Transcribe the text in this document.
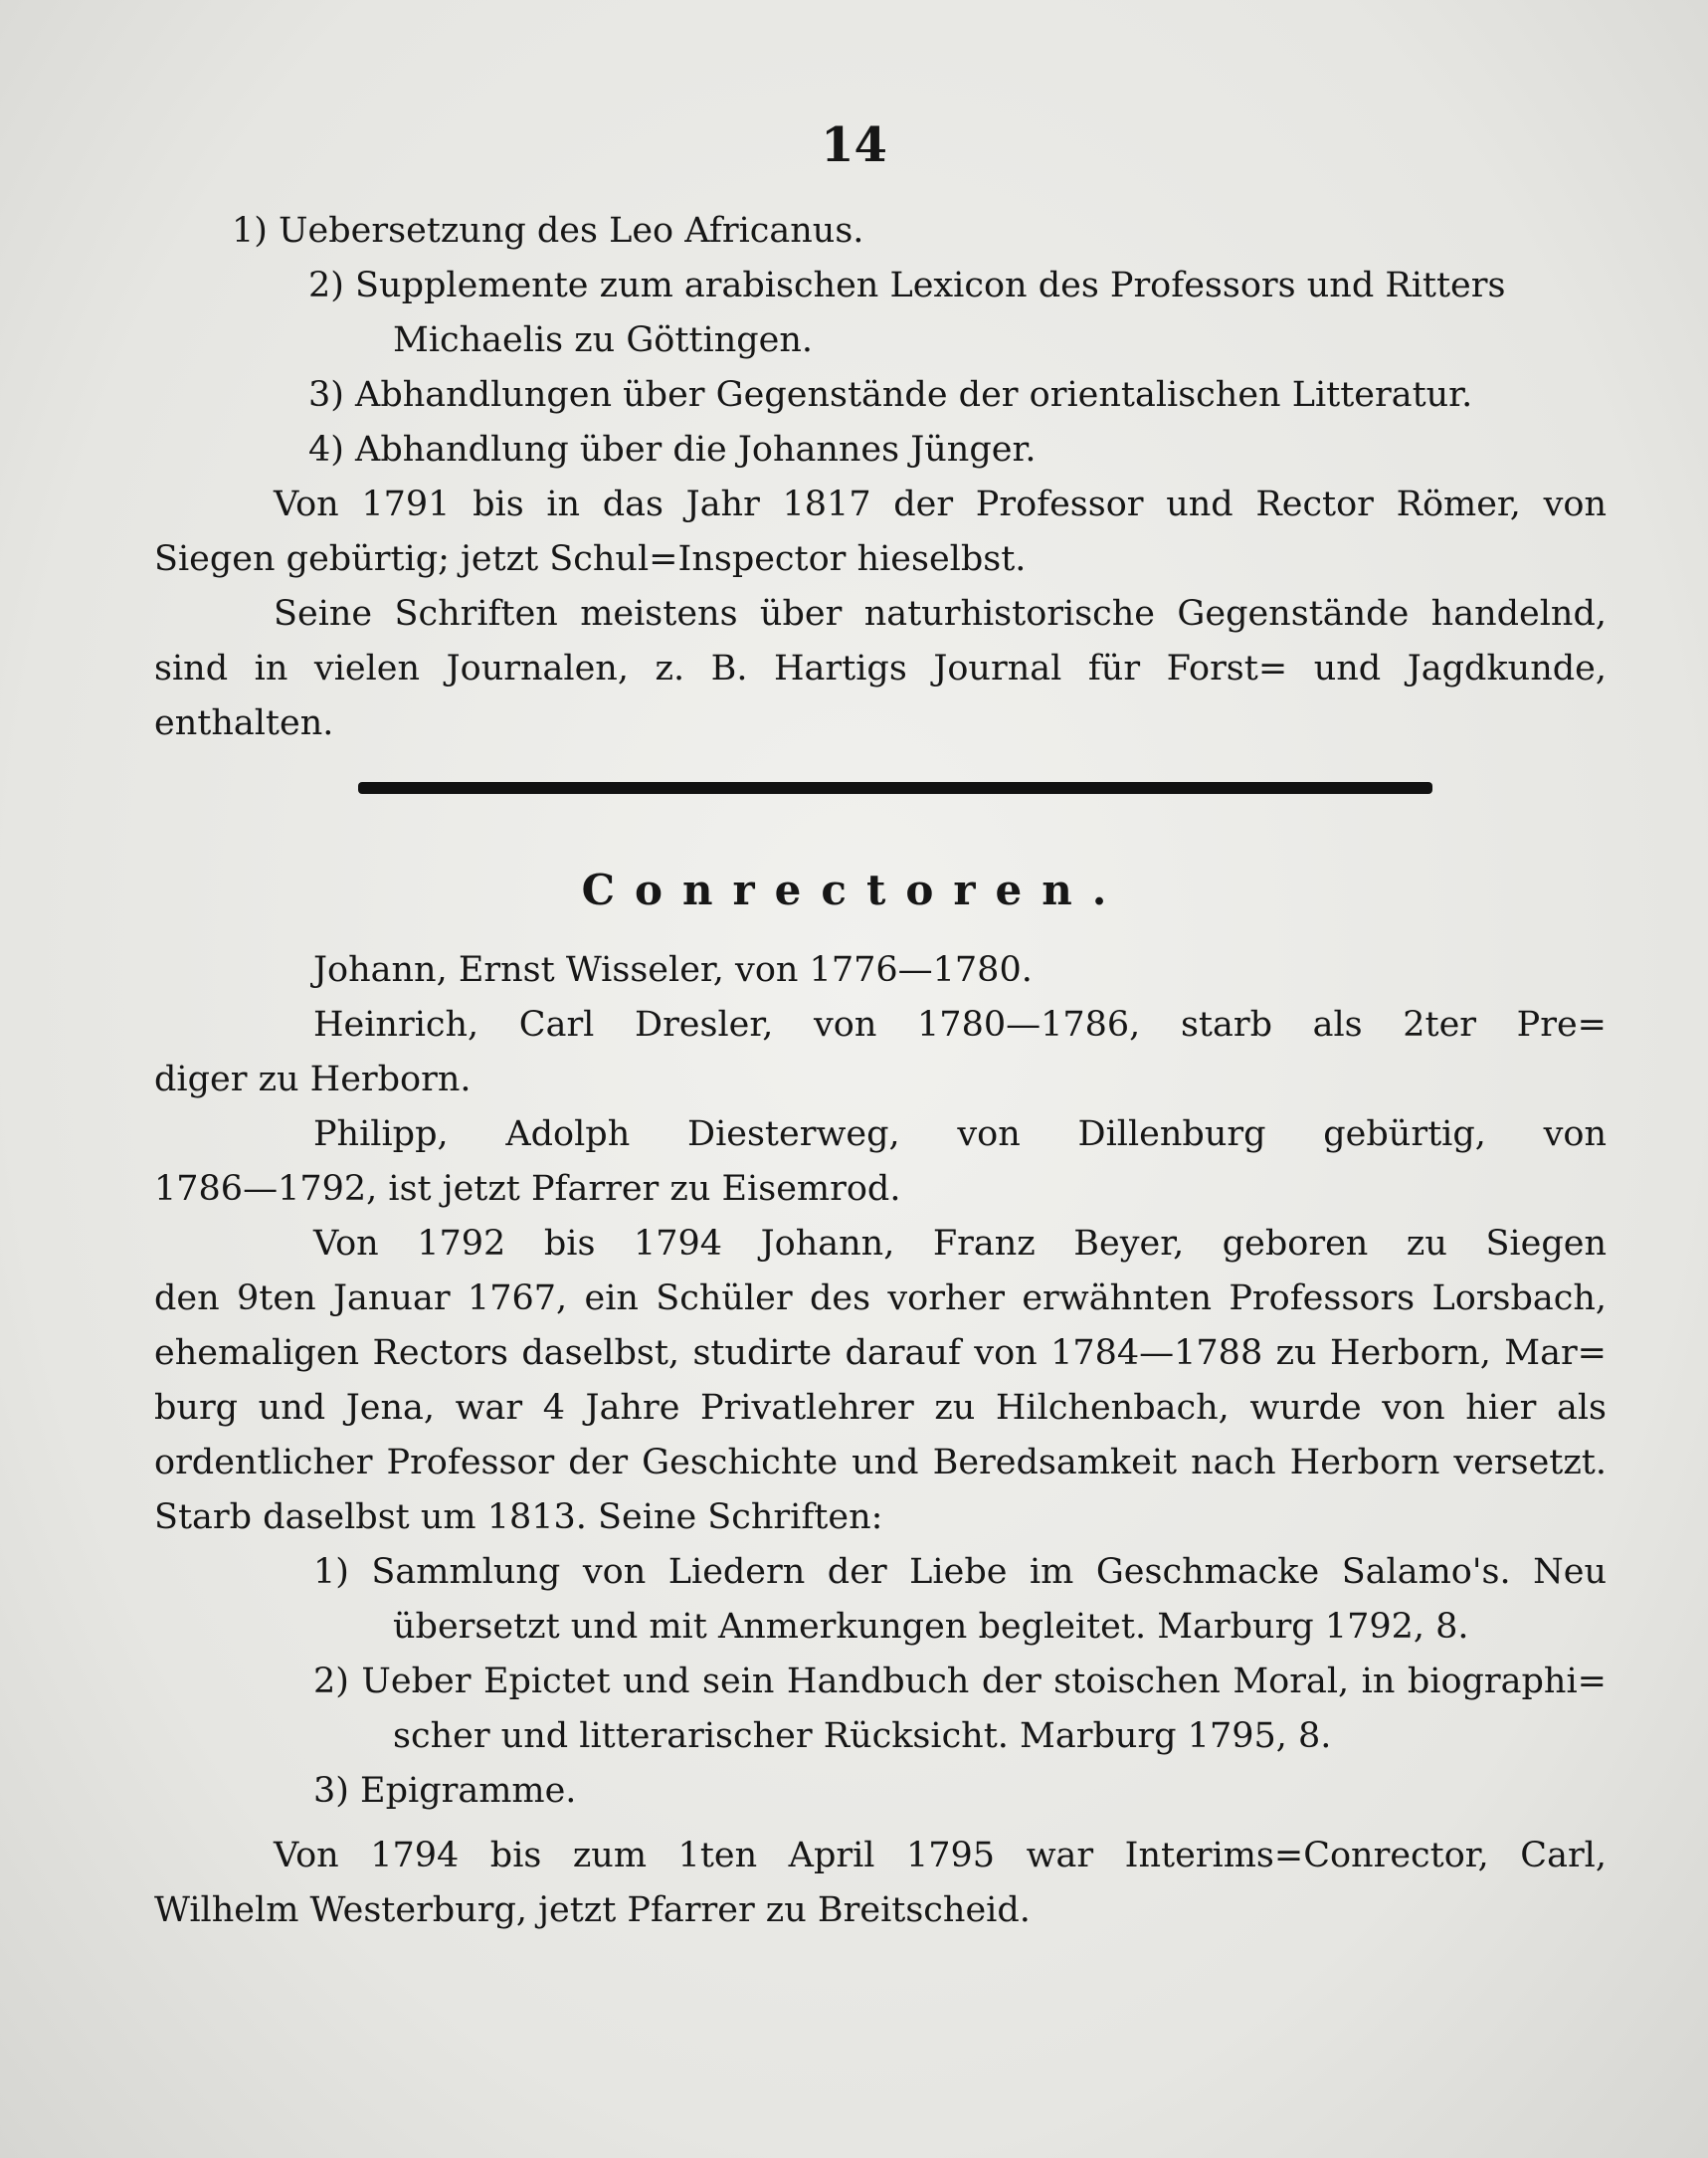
14
1) Uebersetzung des Leo Africanus.
2) Supplemente zum arabischen Lexicon des Professors und Ritters
Michaelis zu Göttingen.
3) Abhandlungen über Gegenstände der orientalischen Litteratur.
4) Abhandlung über die Johannes Jünger.
Von 1791 bis in das Jahr 1817 der Professor und Rector Römer, von
Siegen gebürtig; jetzt Schul=Inspector hieselbst.
Seine Schriften meistens über naturhistorische Gegenstände handelnd,
sind in vielen Journalen, z. B. Hartigs Journal für Forst= und Jagdkunde,
enthalten.
Conrectoren.
Johann, Ernst Wisseler, von 1776—1780.
Heinrich, Carl Dresler, von 1780—1786, starb als 2ter Pre=
diger zu Herborn.
Philipp, Adolph Diesterweg, von Dillenburg gebürtig, von
1786—1792, ist jetzt Pfarrer zu Eisemrod.
Von 1792 bis 1794 Johann, Franz Beyer, geboren zu Siegen
den 9ten Januar 1767, ein Schüler des vorher erwähnten Professors Lorsbach,
ehemaligen Rectors daselbst, studirte darauf von 1784—1788 zu Herborn, Mar=
burg und Jena, war 4 Jahre Privatlehrer zu Hilchenbach, wurde von hier als
ordentlicher Professor der Geschichte und Beredsamkeit nach Herborn versetzt.
Starb daselbst um 1813. Seine Schriften:
1) Sammlung von Liedern der Liebe im Geschmacke Salamo's. Neu
übersetzt und mit Anmerkungen begleitet. Marburg 1792, 8.
2) Ueber Epictet und sein Handbuch der stoischen Moral, in biographi=
scher und litterarischer Rücksicht. Marburg 1795, 8.
3) Epigramme.
Von 1794 bis zum 1ten April 1795 war Interims=Conrector, Carl,
Wilhelm Westerburg, jetzt Pfarrer zu Breitscheid.
